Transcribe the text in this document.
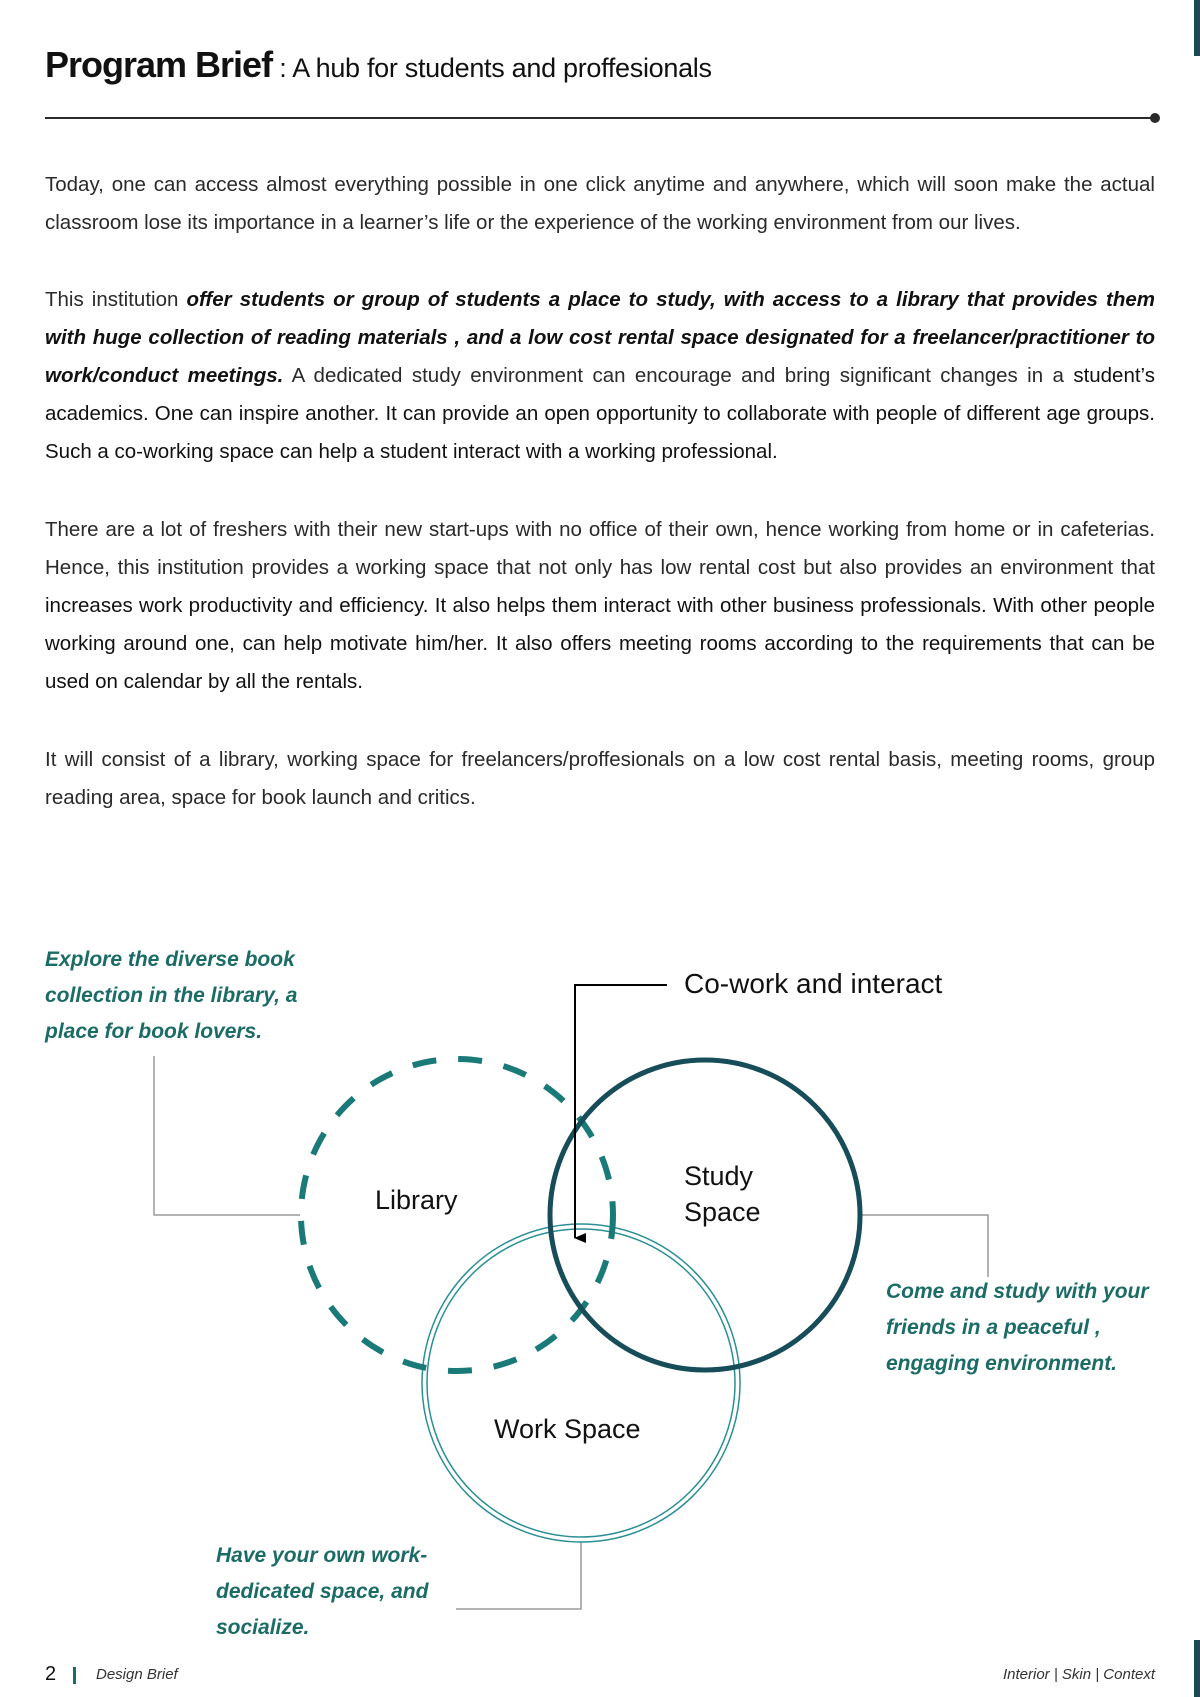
Program Brief : A hub for students and proffesionals

Today, one can access almost everything possible in one click anytime and anywhere, which will soon make the actual classroom lose its importance in a learner’s life or the experience of the working environment from our lives.

This institution offer students or group of students a place to study, with access to a library that provides them with huge collection of reading materials , and a low cost rental space designated for a freelancer/practitioner to work/conduct meetings. A dedicated study environment can encourage and bring significant changes in a student’s academics. One can inspire another. It can provide an open opportunity to collaborate with people of different age groups. Such a co-working space can help a student interact with a working professional.

There are a lot of freshers with their new start-ups with no office of their own, hence working from home or in cafeterias. Hence, this institution provides a working space that not only has low rental cost but also provides an environment that increases work productivity and efficiency. It also helps them interact with other business professionals. With other people working around one, can help motivate him/her. It also offers meeting rooms according to the requirements that can be used on calendar by all the rentals.

It will consist of a library, working space for freelancers/proffesionals on a low cost rental basis, meeting rooms, group reading area, space for book launch and critics.

Co-work and interact
Library
Study Space
Work Space
Explore the diverse book collection in the library, a place for book lovers.
Come and study with your friends in a peaceful , engaging environment.
Have your own work-dedicated space, and socialize.
2	Design Brief	Interior | Skin | Context
